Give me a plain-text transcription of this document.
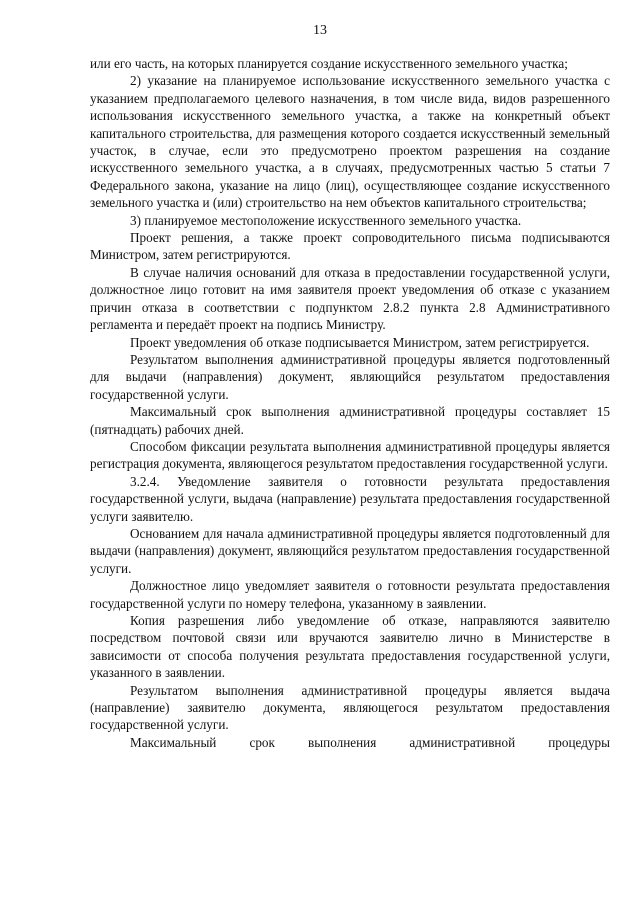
13

или его часть, на которых планируется создание искусственного земельного участка;

2) указание на планируемое использование искусственного земельного участка с указанием предполагаемого целевого назначения, в том числе вида, видов разрешенного использования искусственного земельного участка, а также на конкретный объект капитального строительства, для размещения которого создается искусственный земельный участок, в случае, если это предусмотрено проектом разрешения на создание искусственного земельного участка, а в случаях, предусмотренных частью 5 статьи 7 Федерального закона, указание на лицо (лиц), осуществляющее создание искусственного земельного участка и (или) строительство на нем объектов капитального строительства;

3) планируемое местоположение искусственного земельного участка.

Проект решения, а также проект сопроводительного письма подписываются Министром, затем регистрируются.

В случае наличия оснований для отказа в предоставлении государственной услуги, должностное лицо готовит на имя заявителя проект уведомления об отказе с указанием причин отказа в соответствии с подпунктом 2.8.2 пункта 2.8 Административного регламента и передаёт проект на подпись Министру.

Проект уведомления об отказе подписывается Министром, затем регистрируется.

Результатом выполнения административной процедуры является подготовленный для выдачи (направления) документ, являющийся результатом предоставления государственной услуги.

Максимальный срок выполнения административной процедуры составляет 15 (пятнадцать) рабочих дней.

Способом фиксации результата выполнения административной процедуры является регистрация документа, являющегося результатом предоставления государственной услуги.

3.2.4. Уведомление заявителя о готовности результата предоставления государственной услуги, выдача (направление) результата предоставления государственной услуги заявителю.

Основанием для начала административной процедуры является подготовленный для выдачи (направления) документ, являющийся результатом предоставления государственной услуги.

Должностное лицо уведомляет заявителя о готовности результата предоставления государственной услуги по номеру телефона, указанному в заявлении.

Копия разрешения либо уведомление об отказе, направляются заявителю посредством почтовой связи или вручаются заявителю лично в Министерстве в зависимости от способа получения результата предоставления государственной услуги, указанного в заявлении.

Результатом выполнения административной процедуры является выдача (направление) заявителю документа, являющегося результатом предоставления государственной услуги.

Максимальный срок выполнения административной процедуры
